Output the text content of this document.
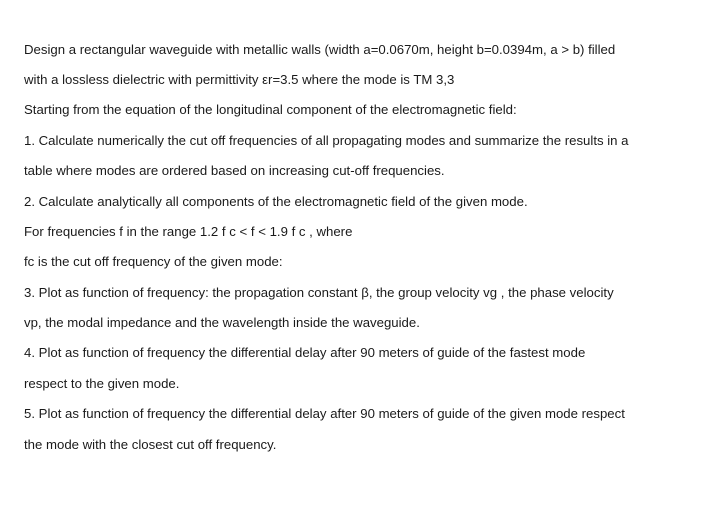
Design a rectangular waveguide with metallic walls (width a=0.0670m, height b=0.0394m, a > b) filled
with a lossless dielectric with permittivity εr=3.5 where the mode is TM 3,3
Starting from the equation of the longitudinal component of the electromagnetic field:
1. Calculate numerically the cut off frequencies of all propagating modes and summarize the results in a
table where modes are ordered based on increasing cut-off frequencies.
2. Calculate analytically all components of the electromagnetic field of the given mode.
For frequencies f in the range 1.2 f c < f < 1.9 f c , where
fc is the cut off frequency of the given mode:
3. Plot as function of frequency: the propagation constant β, the group velocity vg , the phase velocity
vp, the modal impedance and the wavelength inside the waveguide.
4. Plot as function of frequency the differential delay after 90 meters of guide of the fastest mode
respect to the given mode.
5. Plot as function of frequency the differential delay after 90 meters of guide of the given mode respect
the mode with the closest cut off frequency.
